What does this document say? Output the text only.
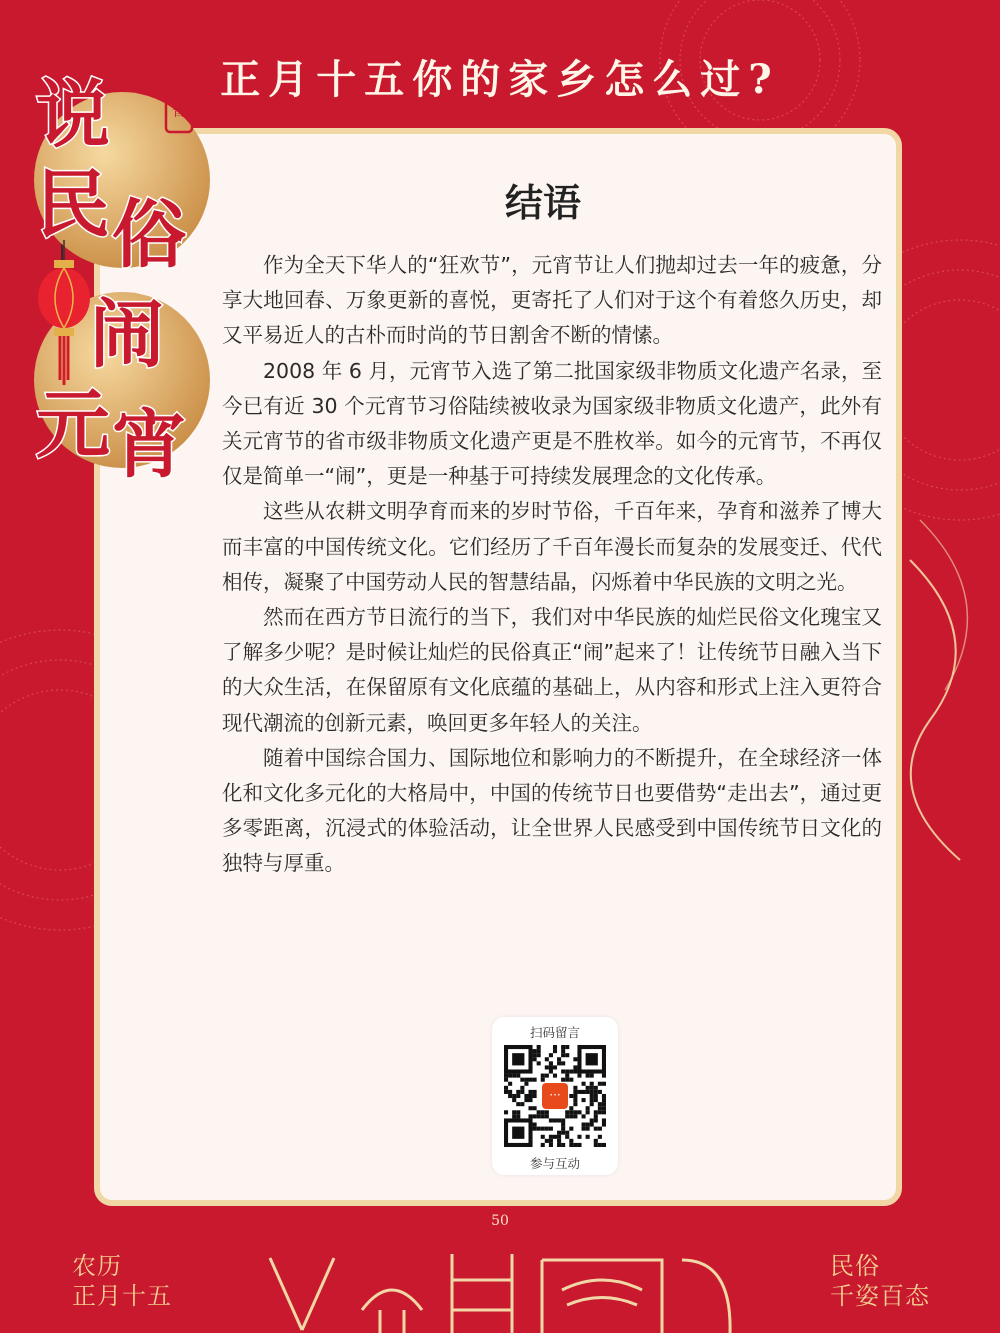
正月十五你的家乡怎么过?
启
晋
说
民 俗
闹
元 宵
结语

作为全天下华人的“狂欢节”，元宵节让人们抛却过去一年的疲惫，分享大地回春、万象更新的喜悦，更寄托了人们对于这个有着悠久历史，却又平易近人的古朴而时尚的节日割舍不断的情愫。

2008 年 6 月，元宵节入选了第二批国家级非物质文化遗产名录，至今已有近 30 个元宵节习俗陆续被收录为国家级非物质文化遗产，此外有关元宵节的省市级非物质文化遗产更是不胜枚举。如今的元宵节，不再仅仅是简单一“闹”，更是一种基于可持续发展理念的文化传承。

这些从农耕文明孕育而来的岁时节俗，千百年来，孕育和滋养了博大而丰富的中国传统文化。它们经历了千百年漫长而复杂的发展变迁、代代相传，凝聚了中国劳动人民的智慧结晶，闪烁着中华民族的文明之光。

然而在西方节日流行的当下，我们对中华民族的灿烂民俗文化瑰宝又了解多少呢？是时候让灿烂的民俗真正“闹”起来了！让传统节日融入当下的大众生活，在保留原有文化底蕴的基础上，从内容和形式上注入更符合现代潮流的创新元素，唤回更多年轻人的关注。

随着中国综合国力、国际地位和影响力的不断提升，在全球经济一体化和文化多元化的大格局中，中国的传统节日也要借势“走出去”，通过更多零距离，沉浸式的体验活动，让全世界人民感受到中国传统节日文化的独特与厚重。

扫码留言
···
参与互动
50
农历
正月十五
民俗
千姿百态
